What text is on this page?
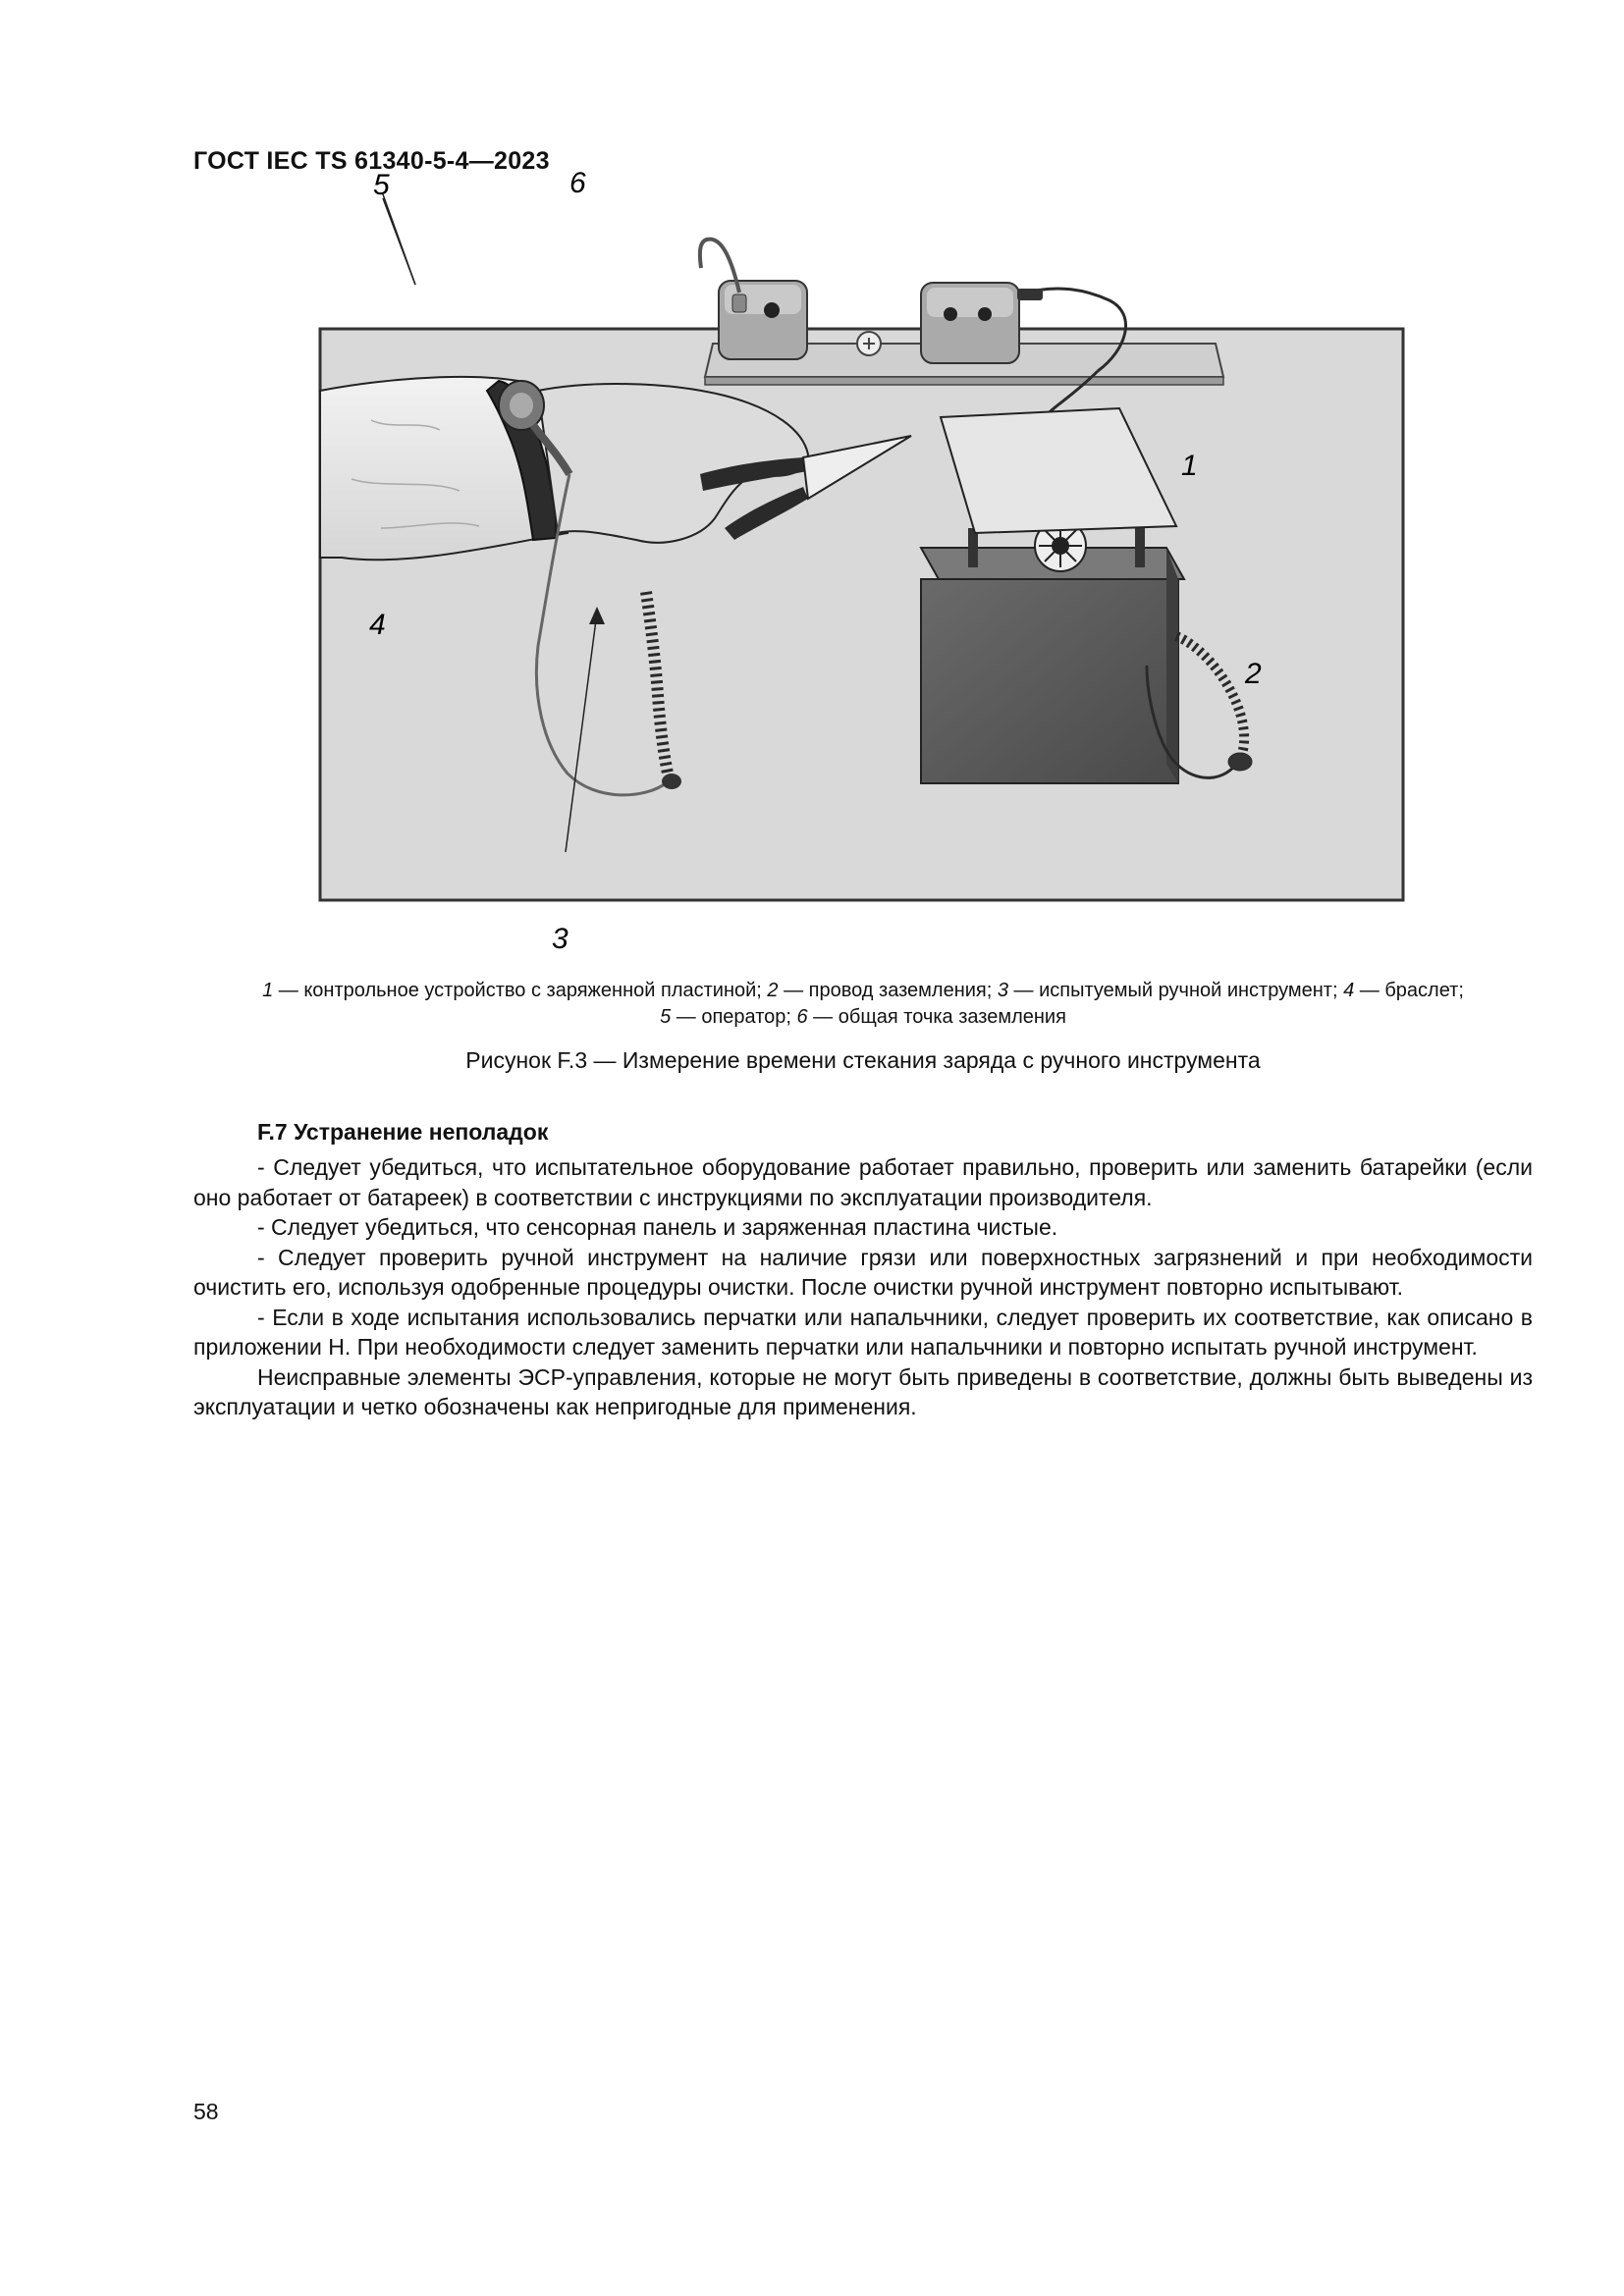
ГОСТ IEC TS 61340-5-4—2023
5	6
1
2
4
3

1 — контрольное устройство с заряженной пластиной; 2 — провод заземления; 3 — испытуемый ручной инструмент; 4 — браслет;
5 — оператор; 6 — общая точка заземления

Рисунок F.3 — Измерение времени стекания заряда с ручного инструмента

F.7 Устранение неполадок

- Следует убедиться, что испытательное оборудование работает правильно, проверить или заменить батарейки (если оно работает от батареек) в соответствии с инструкциями по эксплуатации производителя.

- Следует убедиться, что сенсорная панель и заряженная пластина чистые.

- Следует проверить ручной инструмент на наличие грязи или поверхностных загрязнений и при необходимости очистить его, используя одобренные процедуры очистки. После очистки ручной инструмент повторно испытывают.

- Если в ходе испытания использовались перчатки или напальчники, следует проверить их соответствие, как описано в приложении Н. При необходимости следует заменить перчатки или напальчники и повторно испытать ручной инструмент.

Неисправные элементы ЭСР-управления, которые не могут быть приведены в соответствие, должны быть выведены из эксплуатации и четко обозначены как непригодные для применения.

58
